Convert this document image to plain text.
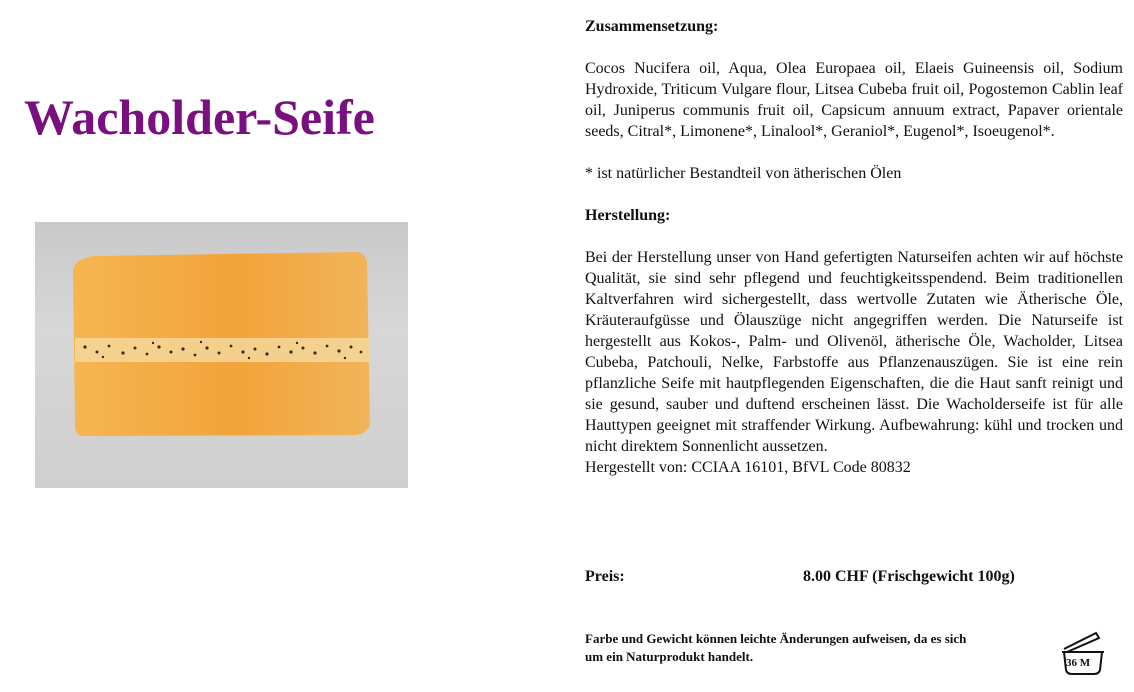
Wacholder-Seife

Zusammensetzung:

Cocos Nucifera oil, Aqua, Olea Europaea oil, Elaeis Guineensis oil, Sodium Hydroxide, Triticum Vulgare flour, Litsea Cubeba fruit oil, Pogostemon Cablin leaf oil, Juniperus communis fruit oil, Capsicum annuum extract, Papaver orientale seeds, Citral*, Limonene*, Linalool*, Geraniol*, Eugenol*, Isoeugenol*.

* ist natürlicher Bestandteil von ätherischen Ölen

Herstellung:

Bei der Herstellung unser von Hand gefertigten Naturseifen achten wir auf höchste Qualität, sie sind sehr pflegend und feuchtigkeitsspendend. Beim traditionellen Kaltverfahren wird sichergestellt, dass wertvolle Zutaten wie Ätherische Öle, Kräuteraufgüsse und Ölauszüge nicht angegriffen werden. Die Naturseife ist hergestellt aus Kokos-, Palm- und Olivenöl, ätherische Öle, Wacholder, Litsea Cubeba, Patchouli, Nelke, Farbstoffe aus Pflanzenauszügen. Sie ist eine rein pflanzliche Seife mit hautpflegenden Eigenschaften, die die Haut sanft reinigt und sie gesund, sauber und duftend erscheinen lässt. Die Wacholderseife ist für alle Hauttypen geeignet mit straffender Wirkung. Aufbewahrung: kühl und trocken und nicht direktem Sonnenlicht aussetzen.

Hergestellt von: CCIAA 16101, BfVL Code 80832

Preis:	8.00 CHF (Frischgewicht 100g)
Farbe und Gewicht können leichte Änderungen aufweisen, da es sich
um ein Naturprodukt handelt.	36 M
